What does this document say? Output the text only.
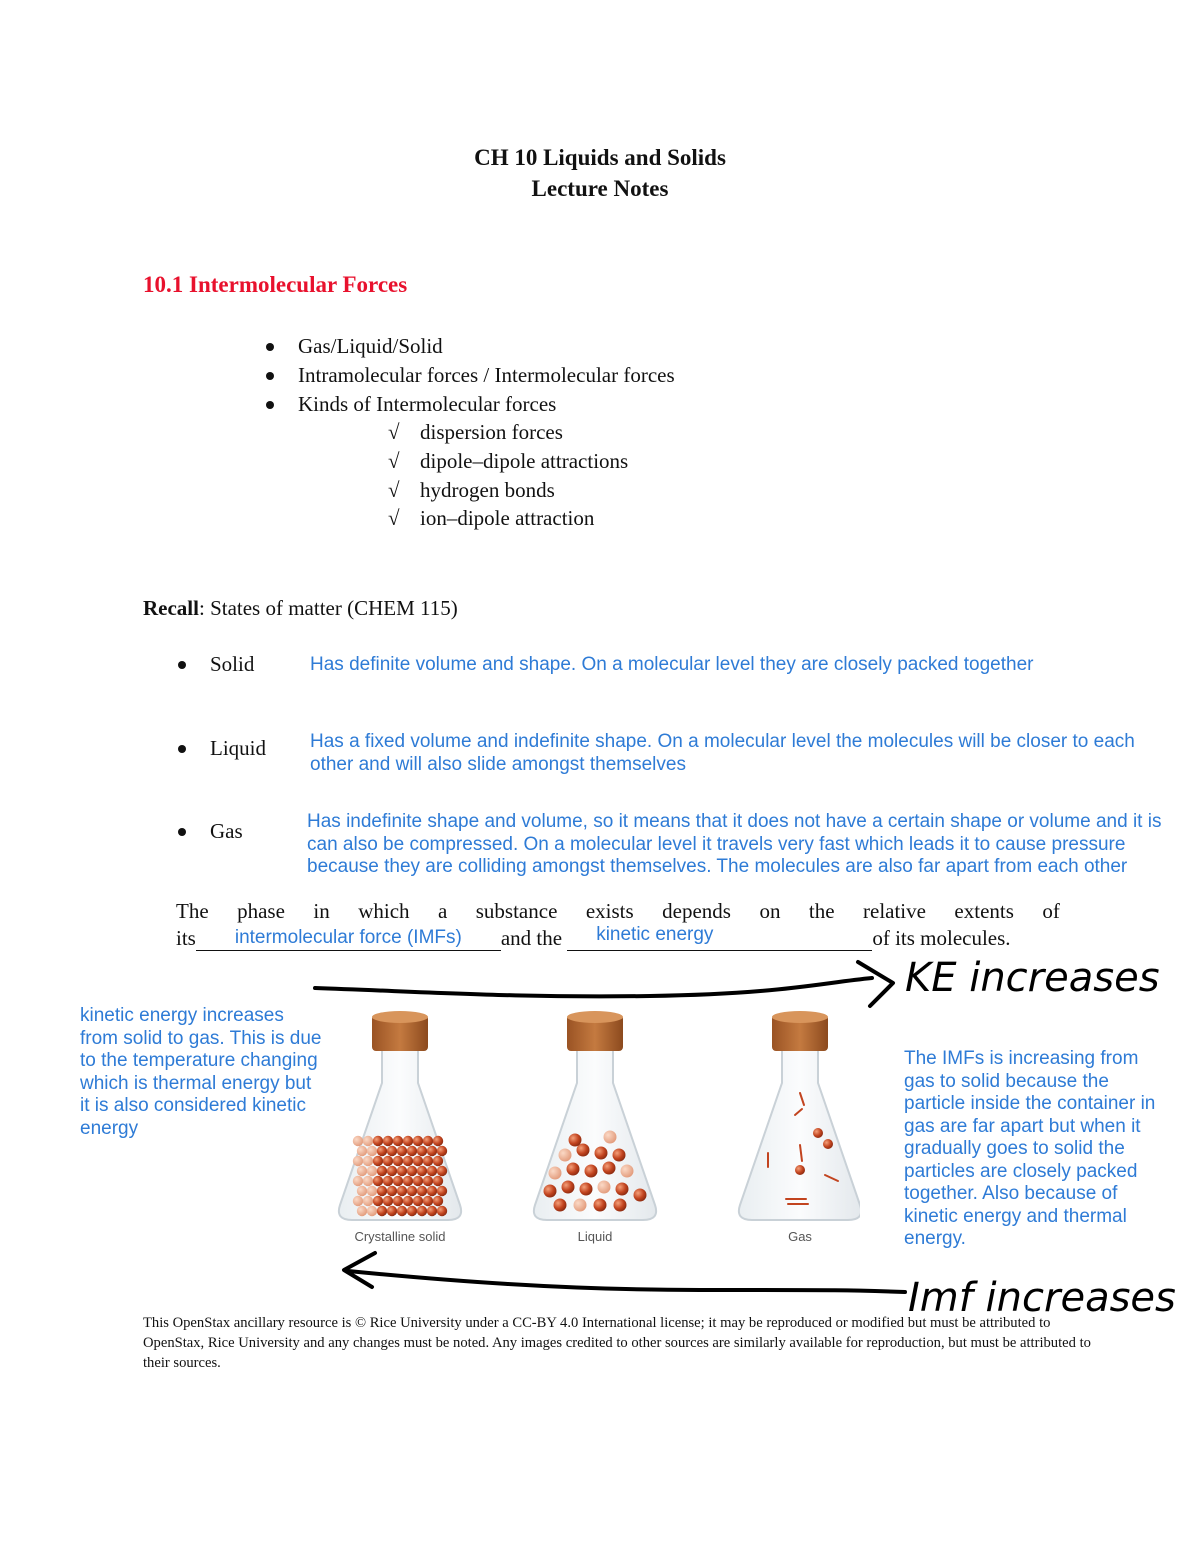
CH 10 Liquids and Solids
Lecture Notes
10.1 Intermolecular Forces
Gas/Liquid/Solid
Intramolecular forces / Intermolecular forces
Kinds of Intermolecular forces
√ dispersion forces
√ dipole–dipole attractions
√ hydrogen bonds
√ ion–dipole attraction
Recall: States of matter (CHEM 115)
Solid	Has definite volume and shape. On a molecular level they are closely packed together
Liquid Has a fixed volume and indefinite shape. On a molecular level the molecules will be closer to each other and will also slide amongst themselves
Gas	Has indefinite shape and volume, so it means that it does not have a certain shape or volume and it is can also be compressed. On a molecular level it travels very fast which leads it to cause pressure because they are colliding amongst themselves. The molecules are also far apart from each other
The phase in which a substance exists depends on the relative extents of
its	intermolecular force (IMFs)	and the	kinetic energy	of its molecules.
KE increases
Imf increases
kinetic energy increases from solid to gas. This is due to the temperature changing which is thermal energy but it is also considered kinetic energy
The IMFs is increasing from gas to solid because the particle inside the container in gas are far apart but when it gradually goes to solid the particles are closely packed together. Also because of kinetic energy and thermal energy.
Crystalline solid	Liquid	Gas
This OpenStax ancillary resource is © Rice University under a CC-BY 4.0 International license; it may be reproduced or modified but must be attributed to OpenStax, Rice University and any changes must be noted. Any images credited to other sources are similarly available for reproduction, but must be attributed to their sources.
